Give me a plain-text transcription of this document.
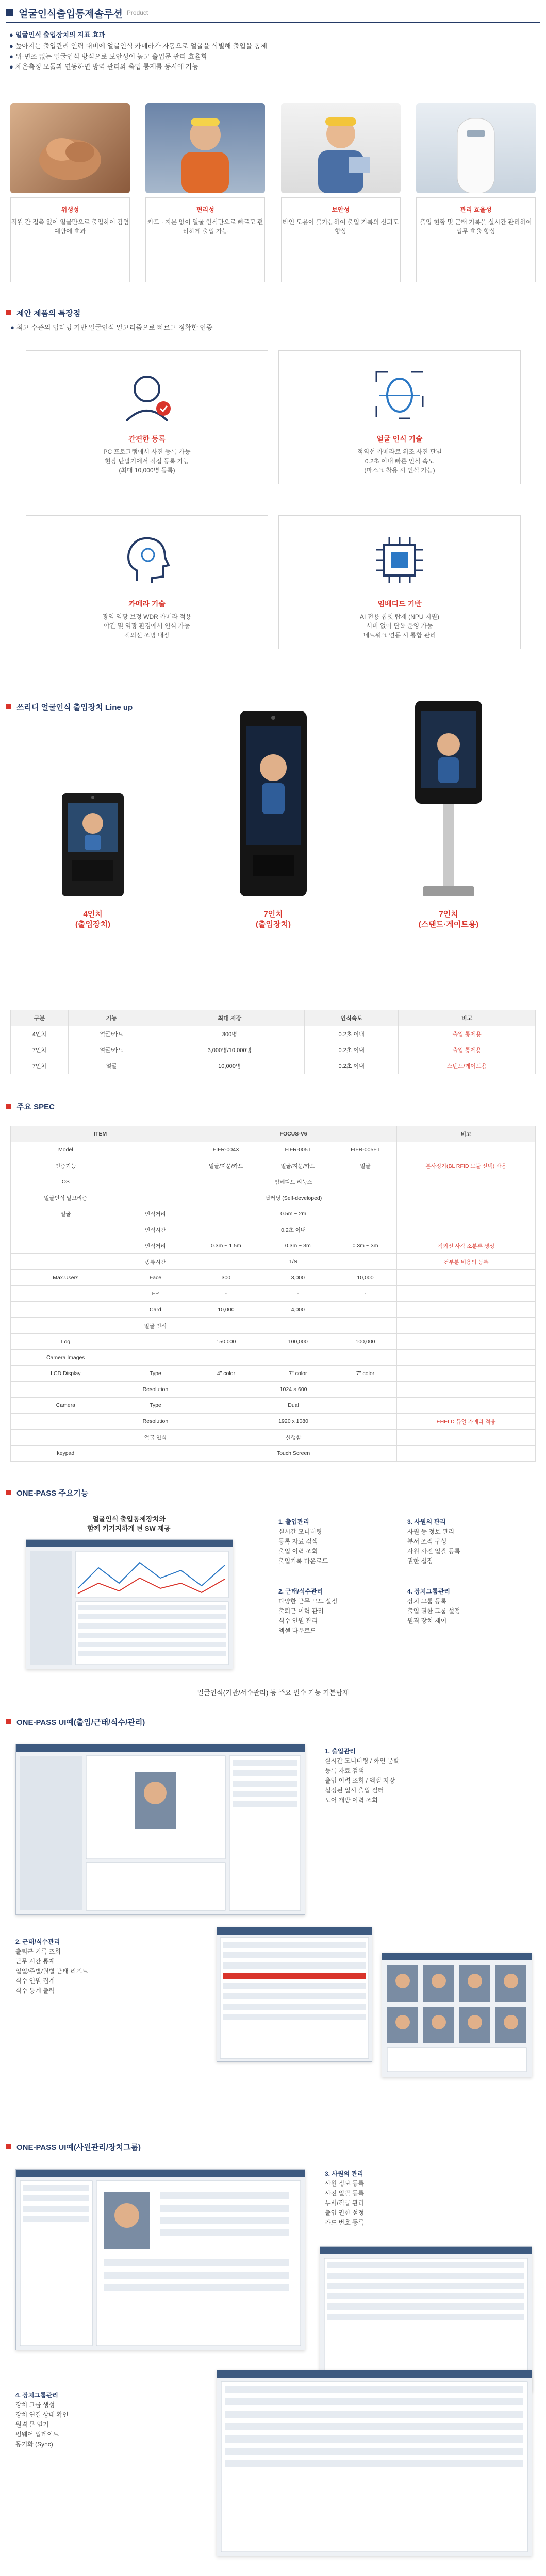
얼굴인식출입통제솔루션 Product
● 얼굴인식 출입장치의 지표 효과
● 높아지는 출입관리 인력 대비에 얼굴인식 카메라가 자동으로 얼굴을 식별해 출입을 통제
● 위·변조 없는 얼굴인식 방식으로 보안성이 높고 출입문 관리 효율화
● 체온측정 모듈과 연동하면 방역 관리와 출입 통제를 동시에 가능
위생성
직원 간 접촉 없이 얼굴만으로 출입하여 감염 예방에 효과
편리성
카드 · 지문 없이 얼굴 인식만으로 빠르고 편리하게 출입 가능
보안성
타인 도용이 불가능하여 출입 기록의 신뢰도 향상
관리 효율성
출입 현황 및 근태 기록을 실시간 관리하여 업무 효율 향상
제안 제품의 특장점
● 최고 수준의 딥러닝 기반 얼굴인식 알고리즘으로 빠르고 정확한 인증
간편한 등록
PC 프로그램에서 사진 등록 가능
현장 단말기에서 직접 등록 가능
(최대 10,000명 등록)
얼굴 인식 기술
적외선 카메라로 위조 사진 판별
0.2초 이내 빠른 인식 속도
(마스크 착용 시 인식 가능)
카메라 기술
광역 역광 보정 WDR 카메라 적용
야간 및 역광 환경에서 인식 가능
적외선 조명 내장
임베디드 기반
AI 전용 칩셋 탑재 (NPU 지원)
서버 없이 단독 운영 가능
네트워크 연동 시 통합 관리
쓰리디 얼굴인식 출입장치 Line up
4인치
(출입장치)
7인치
(출입장치)
7인치
(스탠드·게이트용)
구분	기능	최대 저장	인식속도	비고
4인치	얼굴/카드	300명	0.2초 이내	출입 통제용
7인치	얼굴/카드	3,000명/10,000명	0.2초 이내	출입 통제용
7인치	얼굴	10,000명	0.2초 이내	스탠드/게이트용
주요 SPEC
ITEM		FOCUS-V6			비고
Model		FIFR-004X	FIFR-005T	FIFR-005FT	
인증기능		얼굴/지문/카드	얼굴/지문/카드	얼굴	본사정기(BL RFID 모듈 선택) 사용
OS		임베디드 리눅스			
얼굴인식 알고리즘		딥러닝 (Self-developed)			
얼굴	인식거리	0.5m ~ 2m			
	인식시간	0.2초 이내			
	인식거리	0.3m ~ 1.5m	0.3m ~ 3m	0.3m ~ 3m	적외선 사각 소분류 생성
	종류시간	1/N			건부분 비용의 등록
Max.Users	Face	300	3,000	10,000	
	FP	-	-	-	
	Card	10,000	4,000		
	얼굴 인식				
Log		150,000	100,000	100,000	
Camera Images					
LCD Display	Type	4" color	7" color	7" color	
	Resolution	1024 × 600			
Camera	Type	Dual			
	Resolution	1920 x 1080			EHELD 듀얼 카메라 적용
	얼굴 인식	실행함			
keypad		Touch Screen			
ONE-PASS 주요기능
얼굴인식 출입통제장치와
함께 키기지하게 된 SW 제공
1. 출입관리
실시간 모니터링
등록 자료 검색
출입 이력 조회
출입기록 다운로드
3. 사원의 관리
사원 등 정보 관리
부서 조직 구성
사원 사진 일괄 등록
권한 설정
2. 근태/식수관리
다양한 근무 모드 설정
출퇴근 이력 관리
식수 인원 관리
엑셀 다운로드
4. 장치그룹관리
장치 그룹 등록
출입 권한 그룹 설정
원격 장치 제어
얼굴인식(기반/서수관리) 등 주요 필수 기능 기본탑재
ONE-PASS UI예(출입/근태/식수/관리)
1. 출입관리
실시간 모니터링 / 화면 분할
등록 자료 검색
출입 이력 조회 / 엑셀 저장
설정된 일시 출입 필터
도어 개방 이력 조회
2. 근태/식수관리
출퇴근 기록 조회
근무 시간 통계
일일/주별/월별 근태 리포트
식수 인원 집계
식수 통계 출력
ONE-PASS UI예(사원관리/장치그룹)
3. 사원의 관리
사원 정보 등록
사진 일괄 등록
부서/직급 관리
출입 권한 설정
카드 번호 등록
4. 장치그룹관리
장치 그룹 생성
장치 연결 상태 확인
원격 문 열기
펌웨어 업데이트
동기화 (Sync)
